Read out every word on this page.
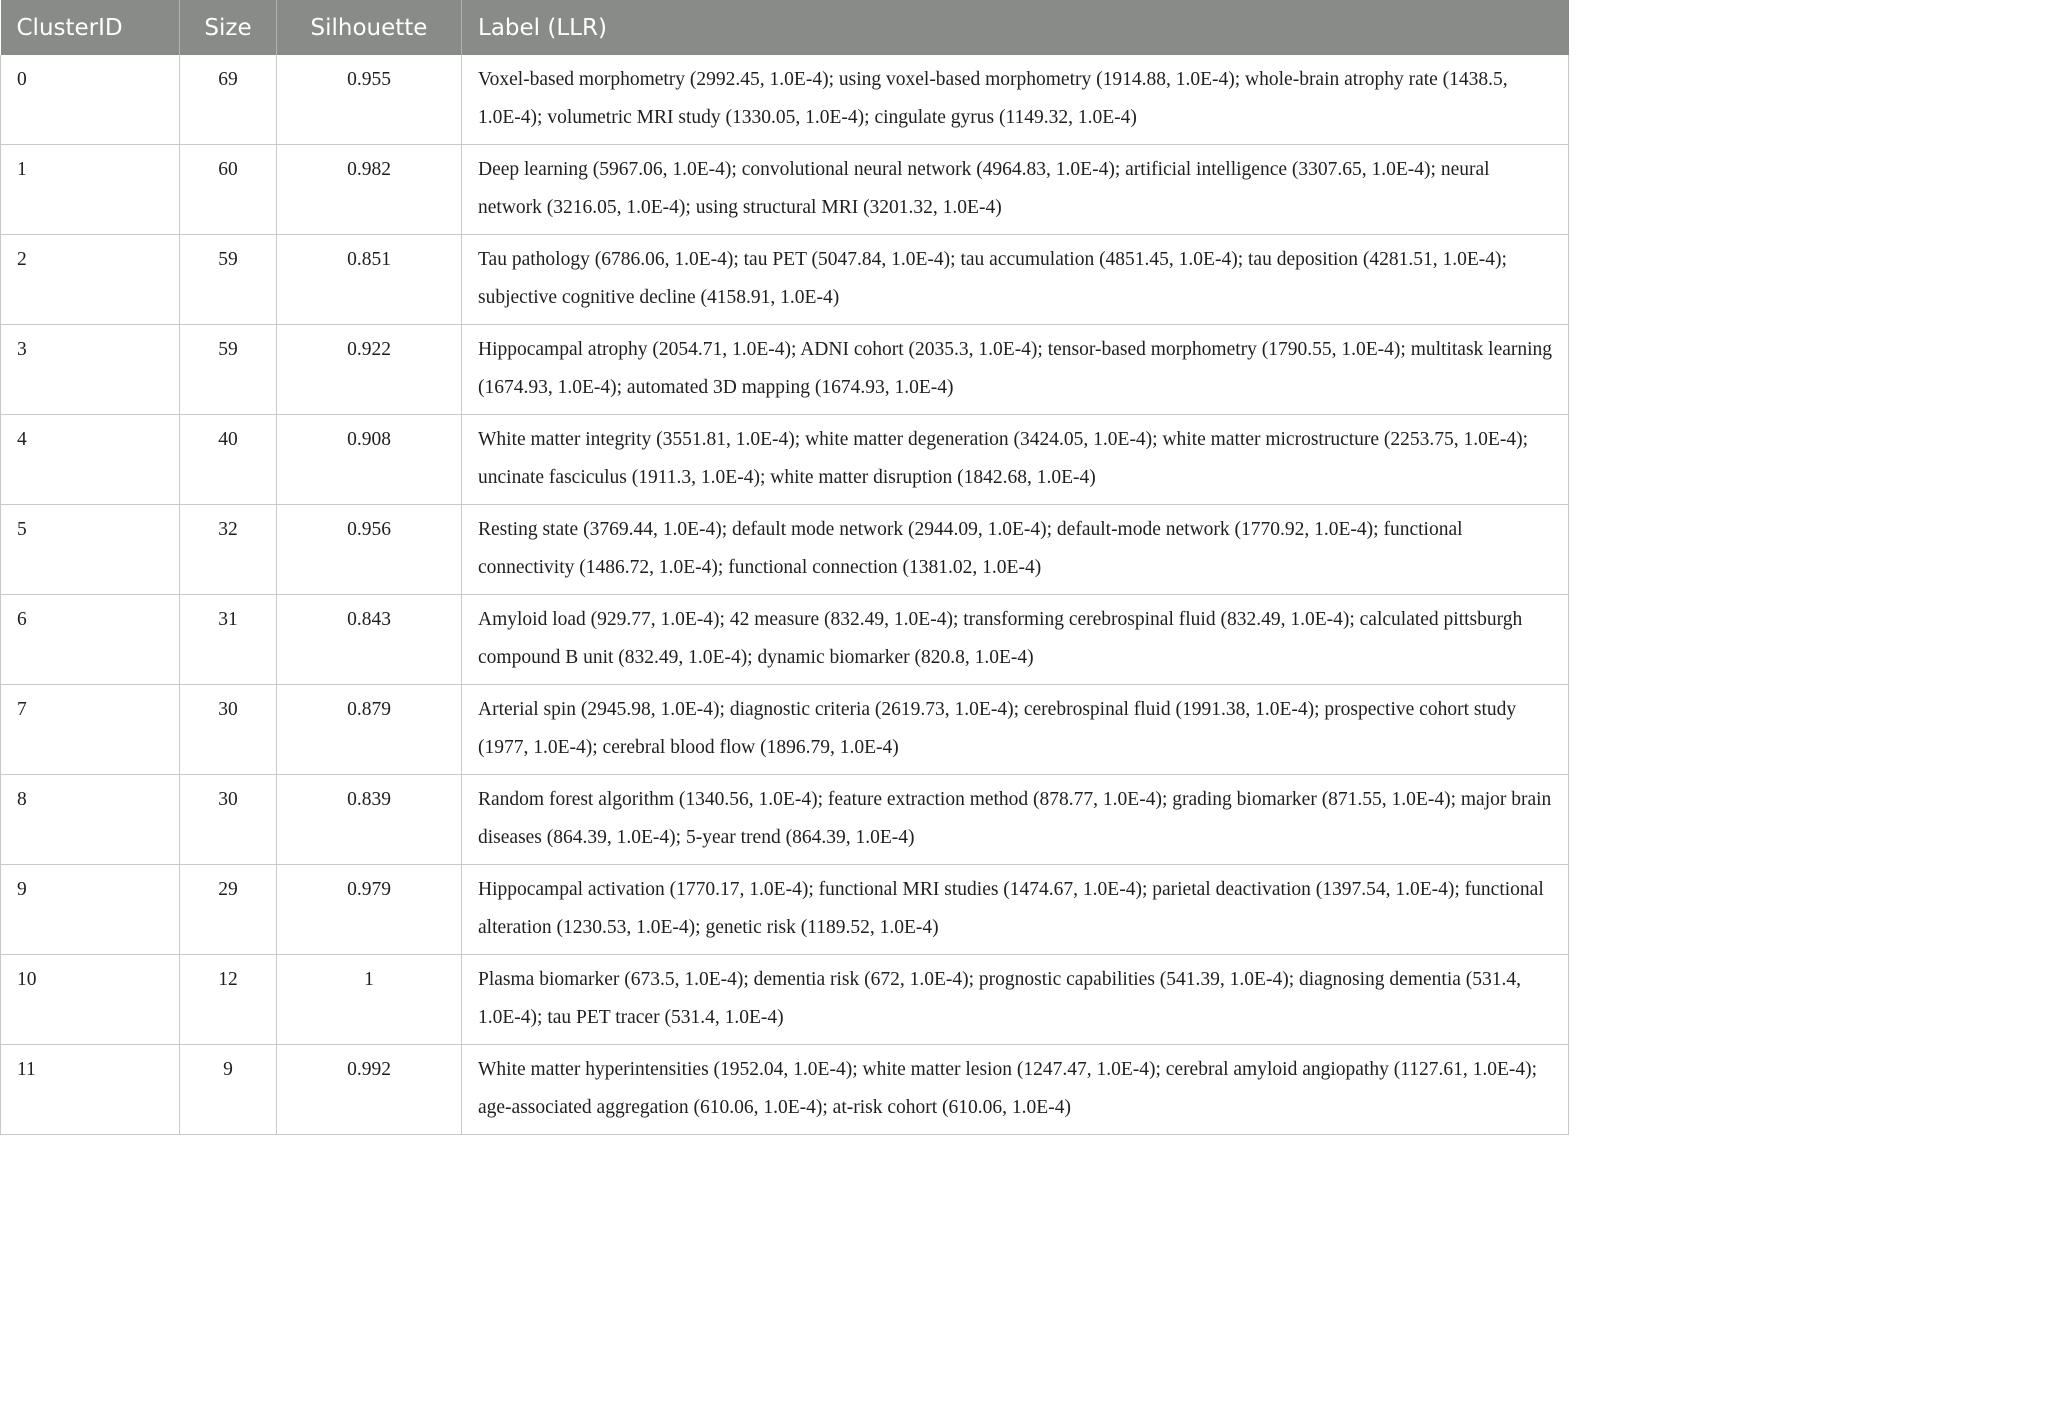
ClusterID	Size	Silhouette	Label (LLR)
0	69	0.955	Voxel-based morphometry (2992.45, 1.0E-4); using voxel-based morphometry (1914.88, 1.0E-4); whole-brain atrophy rate (1438.5, 1.0E-4); volumetric MRI study (1330.05, 1.0E-4); cingulate gyrus (1149.32, 1.0E-4)
1	60	0.982	Deep learning (5967.06, 1.0E-4); convolutional neural network (4964.83, 1.0E-4); artificial intelligence (3307.65, 1.0E-4); neural network (3216.05, 1.0E-4); using structural MRI (3201.32, 1.0E-4)
2	59	0.851	Tau pathology (6786.06, 1.0E-4); tau PET (5047.84, 1.0E-4); tau accumulation (4851.45, 1.0E-4); tau deposition (4281.51, 1.0E-4); subjective cognitive decline (4158.91, 1.0E-4)
3	59	0.922	Hippocampal atrophy (2054.71, 1.0E-4); ADNI cohort (2035.3, 1.0E-4); tensor-based morphometry (1790.55, 1.0E-4); multitask learning (1674.93, 1.0E-4); automated 3D mapping (1674.93, 1.0E-4)
4	40	0.908	White matter integrity (3551.81, 1.0E-4); white matter degeneration (3424.05, 1.0E-4); white matter microstructure (2253.75, 1.0E-4); uncinate fasciculus (1911.3, 1.0E-4); white matter disruption (1842.68, 1.0E-4)
5	32	0.956	Resting state (3769.44, 1.0E-4); default mode network (2944.09, 1.0E-4); default-mode network (1770.92, 1.0E-4); functional connectivity (1486.72, 1.0E-4); functional connection (1381.02, 1.0E-4)
6	31	0.843	Amyloid load (929.77, 1.0E-4); 42 measure (832.49, 1.0E-4); transforming cerebrospinal fluid (832.49, 1.0E-4); calculated pittsburgh compound B unit (832.49, 1.0E-4); dynamic biomarker (820.8, 1.0E-4)
7	30	0.879	Arterial spin (2945.98, 1.0E-4); diagnostic criteria (2619.73, 1.0E-4); cerebrospinal fluid (1991.38, 1.0E-4); prospective cohort study (1977, 1.0E-4); cerebral blood flow (1896.79, 1.0E-4)
8	30	0.839	Random forest algorithm (1340.56, 1.0E-4); feature extraction method (878.77, 1.0E-4); grading biomarker (871.55, 1.0E-4); major brain diseases (864.39, 1.0E-4); 5-year trend (864.39, 1.0E-4)
9	29	0.979	Hippocampal activation (1770.17, 1.0E-4); functional MRI studies (1474.67, 1.0E-4); parietal deactivation (1397.54, 1.0E-4); functional alteration (1230.53, 1.0E-4); genetic risk (1189.52, 1.0E-4)
10	12	1	Plasma biomarker (673.5, 1.0E-4); dementia risk (672, 1.0E-4); prognostic capabilities (541.39, 1.0E-4); diagnosing dementia (531.4, 1.0E-4); tau PET tracer (531.4, 1.0E-4)
11	9	0.992	White matter hyperintensities (1952.04, 1.0E-4); white matter lesion (1247.47, 1.0E-4); cerebral amyloid angiopathy (1127.61, 1.0E-4); age-associated aggregation (610.06, 1.0E-4); at-risk cohort (610.06, 1.0E-4)
